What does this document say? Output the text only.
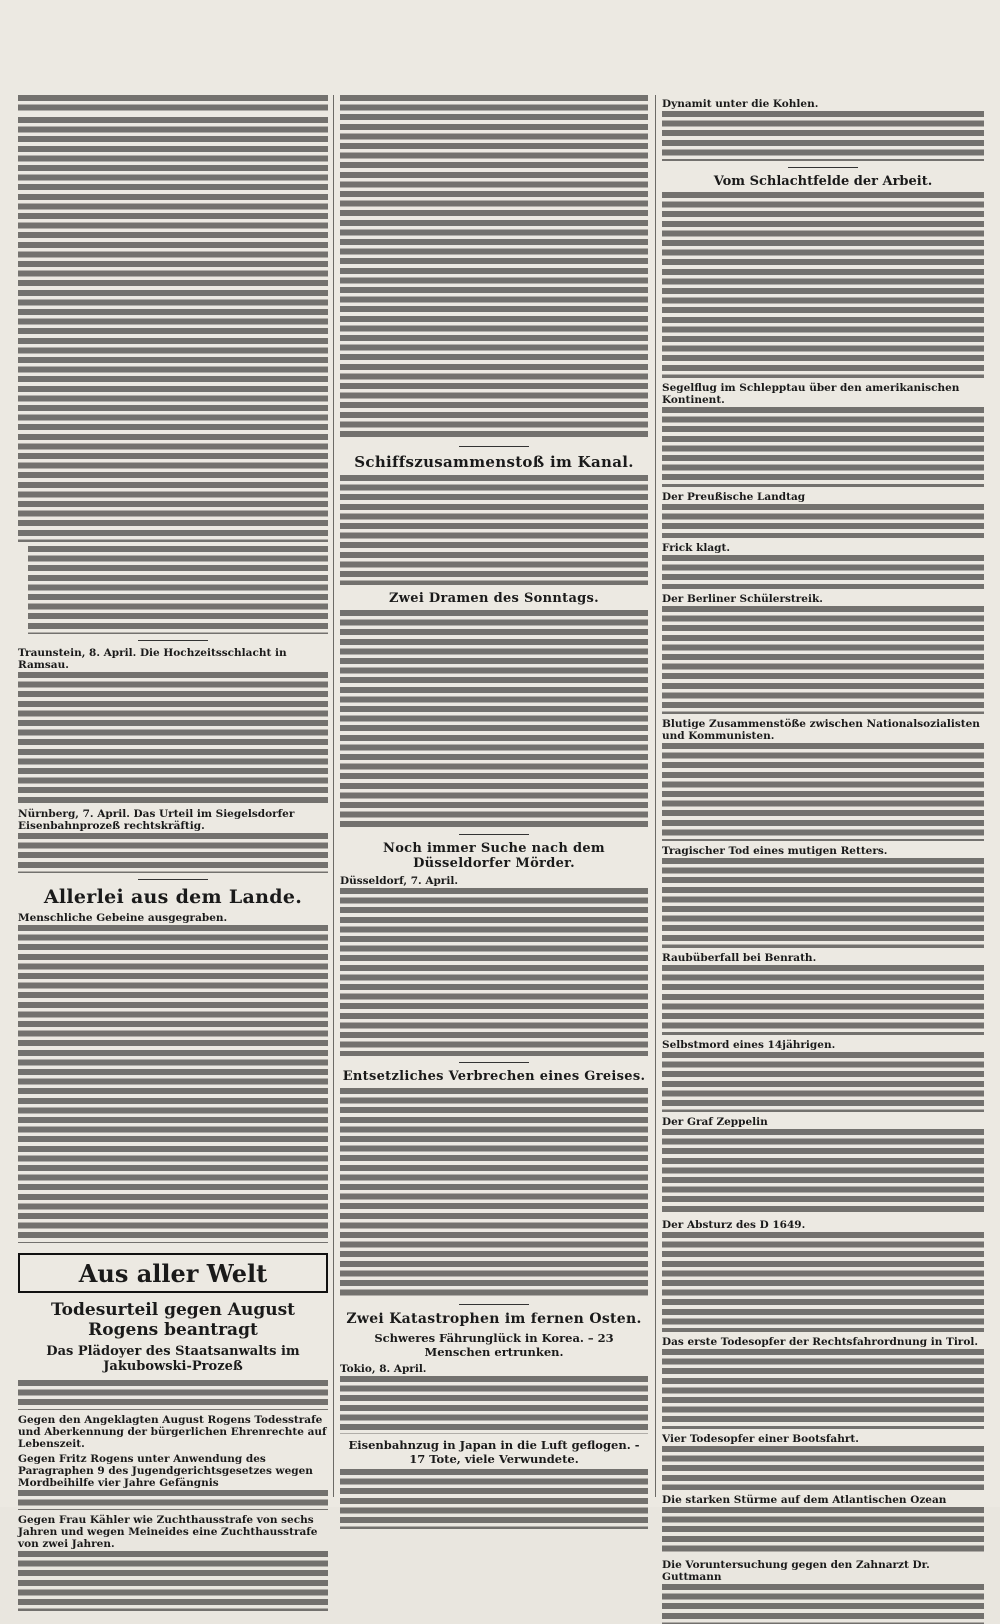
Traunstein, 8. April. Die Hochzeitsschlacht in Ramsau.
Nürnberg, 7. April. Das Urteil im Siegelsdorfer Eisenbahnprozeß rechtskräftig.
Allerlei aus dem Lande.
Menschliche Gebeine ausgegraben.
Aus aller Welt
Todesurteil gegen August Rogens beantragt
Das Plädoyer des Staatsanwalts im Jakubowski-Prozeß
Gegen den Angeklagten August Rogens Todesstrafe und Aberkennung der bürgerlichen Ehrenrechte auf Lebenszeit.
Gegen Fritz Rogens unter Anwendung des Paragraphen 9 des Jugendgerichtsgesetzes wegen Mordbeihilfe vier Jahre Gefängnis
Gegen Frau Kähler wie Zuchthausstrafe von sechs Jahren und wegen Meineides eine Zuchthausstrafe von zwei Jahren.
Schiffszusammenstoß im Kanal.
Zwei Dramen des Sonntags.
Noch immer Suche nach dem Düsseldorfer Mörder.
Düsseldorf, 7. April.
Entsetzliches Verbrechen eines Greises.
Zwei Katastrophen im fernen Osten.
Schweres Fährunglück in Korea. – 23 Menschen ertrunken.
Tokio, 8. April.
Eisenbahnzug in Japan in die Luft geflogen. - 17 Tote, viele Verwundete.
Dynamit unter die Kohlen.
Vom Schlachtfelde der Arbeit.
Segelflug im Schlepptau über den amerikanischen Kontinent.
Der Preußische Landtag
Frick klagt.
Der Berliner Schülerstreik.
Blutige Zusammenstöße zwischen Nationalsozialisten und Kommunisten.
Tragischer Tod eines mutigen Retters.
Raubüberfall bei Benrath.
Selbstmord eines 14jährigen.
Der Graf Zeppelin
Der Absturz des D 1649.
Das erste Todesopfer der Rechtsfahrordnung in Tirol.
Vier Todesopfer einer Bootsfahrt.
Die starken Stürme auf dem Atlantischen Ozean
Die Voruntersuchung gegen den Zahnarzt Dr. Guttmann
